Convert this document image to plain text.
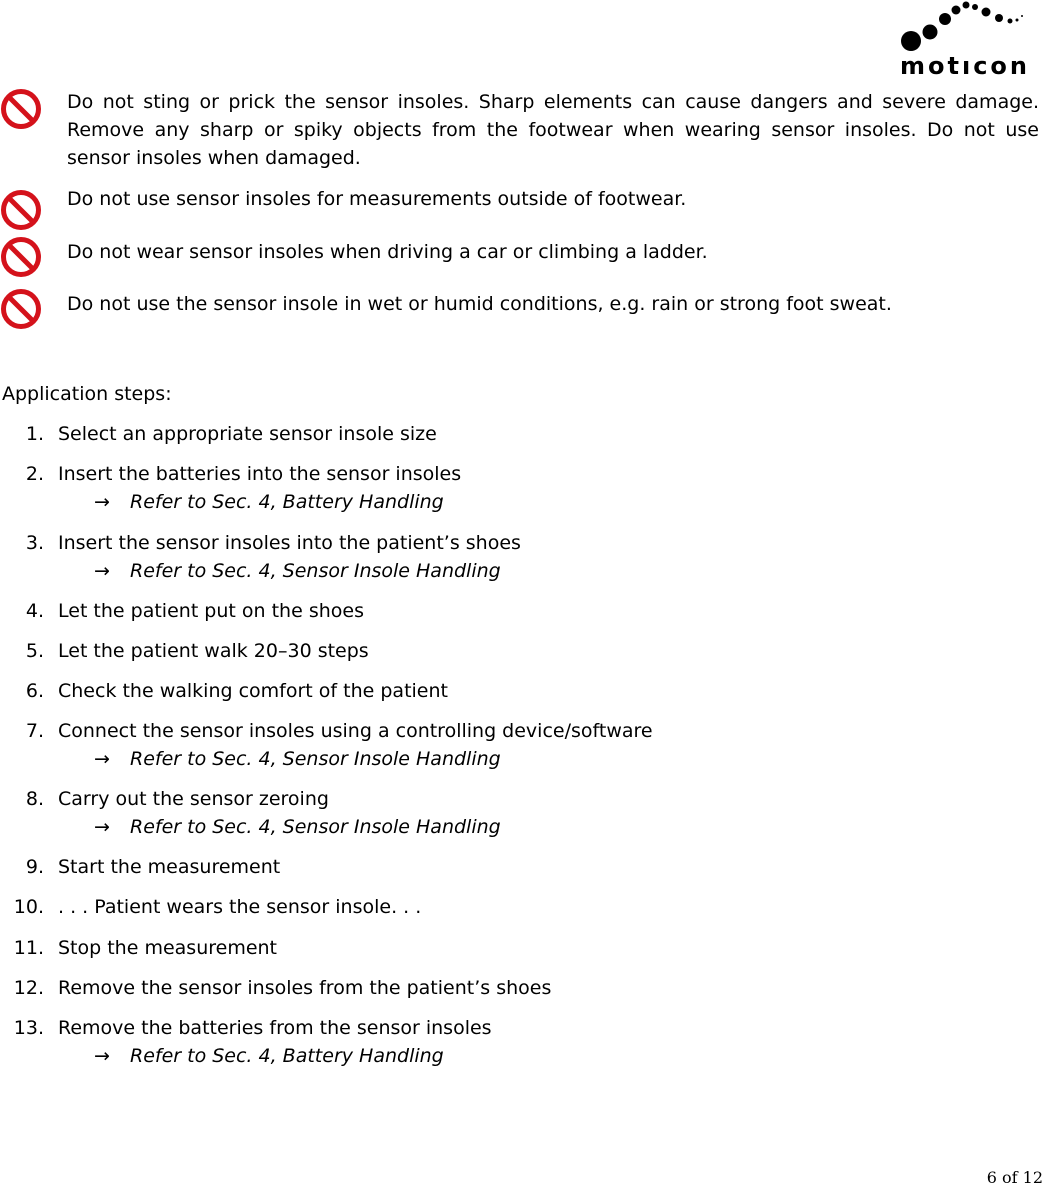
motıcon
Do not sting or prick the sensor insoles. Sharp elements can cause dangers and severe damage. Remove any sharp or spiky objects from the footwear when wearing sensor insoles. Do not use sensor insoles when damaged.
Do not use sensor insoles for measurements outside of footwear.
Do not wear sensor insoles when driving a car or climbing a ladder.
Do not use the sensor insole in wet or humid conditions, e.g. rain or strong foot sweat.
Application steps:
1. Select an appropriate sensor insole size
2. Insert the batteries into the sensor insoles
→ Refer to Sec. 4, Battery Handling
3. Insert the sensor insoles into the patient’s shoes
→ Refer to Sec. 4, Sensor Insole Handling
4. Let the patient put on the shoes
5. Let the patient walk 20–30 steps
6. Check the walking comfort of the patient
7. Connect the sensor insoles using a controlling device/software
→ Refer to Sec. 4, Sensor Insole Handling
8. Carry out the sensor zeroing
→ Refer to Sec. 4, Sensor Insole Handling
9. Start the measurement
10. . . . Patient wears the sensor insole. . .
11. Stop the measurement
12. Remove the sensor insoles from the patient’s shoes
13. Remove the batteries from the sensor insoles
→ Refer to Sec. 4, Battery Handling
6 of 12
